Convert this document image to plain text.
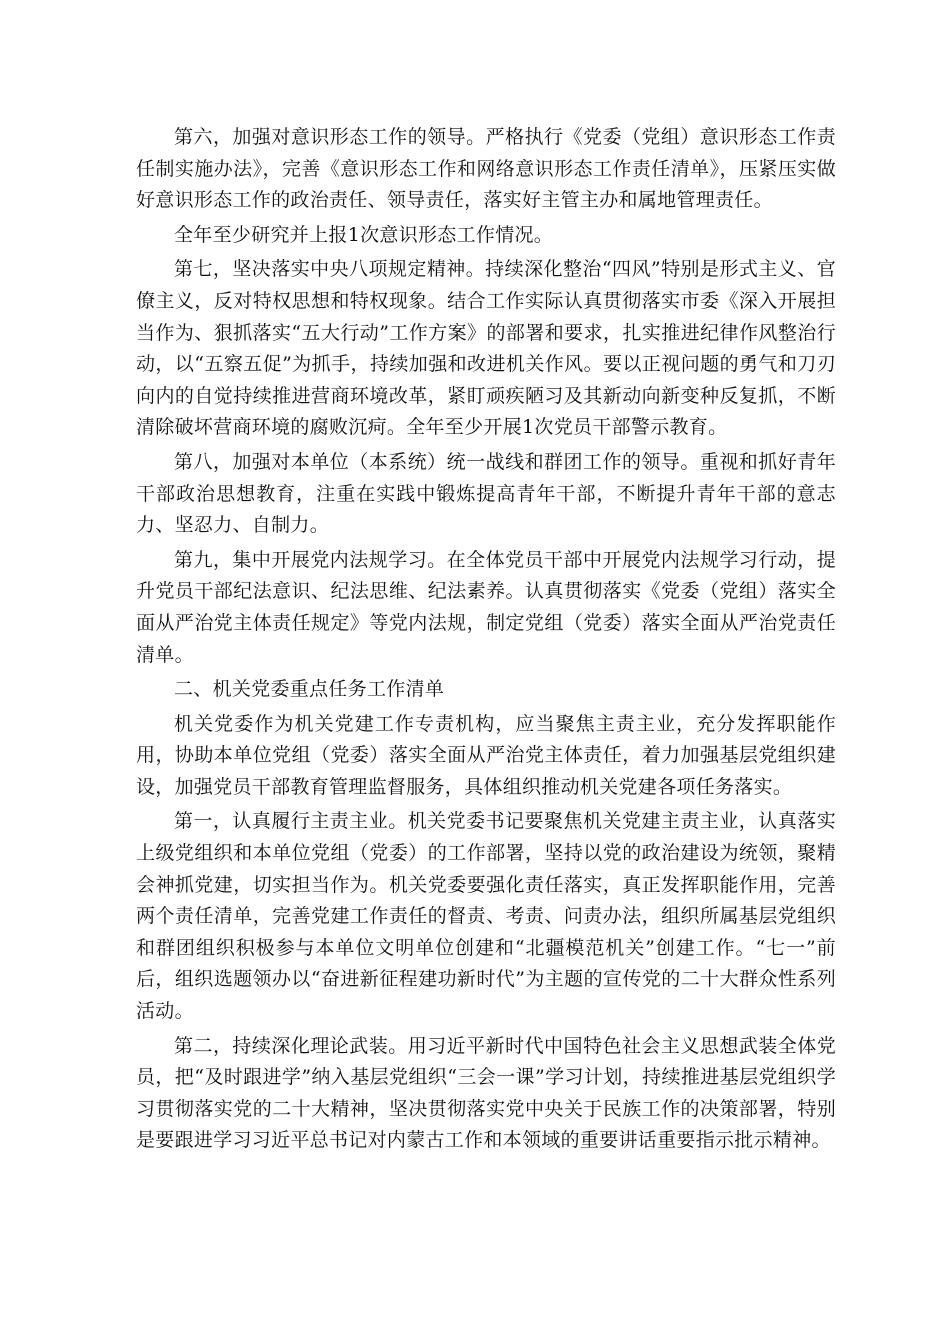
第六，加强对意识形态工作的领导。严格执行《党委（党组）意识形态工作责任制实施办法》，完善《意识形态工作和网络意识形态工作责任清单》，压紧压实做好意识形态工作的政治责任、领导责任，落实好主管主办和属地管理责任。

全年至少研究并上报1次意识形态工作情况。

第七，坚决落实中央八项规定精神。持续深化整治“四风”特别是形式主义、官僚主义，反对特权思想和特权现象。结合工作实际认真贯彻落实市委《深入开展担当作为、狠抓落实“五大行动”工作方案》的部署和要求，扎实推进纪律作风整治行动，以“五察五促”为抓手，持续加强和改进机关作风。要以正视问题的勇气和刀刃向内的自觉持续推进营商环境改革，紧盯顽疾陋习及其新动向新变种反复抓，不断清除破坏营商环境的腐败沉疴。全年至少开展1次党员干部警示教育。

第八，加强对本单位（本系统）统一战线和群团工作的领导。重视和抓好青年干部政治思想教育，注重在实践中锻炼提高青年干部，不断提升青年干部的意志力、坚忍力、自制力。

第九，集中开展党内法规学习。在全体党员干部中开展党内法规学习行动，提升党员干部纪法意识、纪法思维、纪法素养。认真贯彻落实《党委（党组）落实全面从严治党主体责任规定》等党内法规，制定党组（党委）落实全面从严治党责任清单。

二、机关党委重点任务工作清单

机关党委作为机关党建工作专责机构，应当聚焦主责主业，充分发挥职能作用，协助本单位党组（党委）落实全面从严治党主体责任，着力加强基层党组织建设，加强党员干部教育管理监督服务，具体组织推动机关党建各项任务落实。

第一，认真履行主责主业。机关党委书记要聚焦机关党建主责主业，认真落实上级党组织和本单位党组（党委）的工作部署，坚持以党的政治建设为统领，聚精会神抓党建，切实担当作为。机关党委要强化责任落实，真正发挥职能作用，完善两个责任清单，完善党建工作责任的督责、考责、问责办法，组织所属基层党组织和群团组织积极参与本单位文明单位创建和“北疆模范机关”创建工作。“七一”前后，组织选题领办以“奋进新征程建功新时代”为主题的宣传党的二十大群众性系列活动。

第二，持续深化理论武装。用习近平新时代中国特色社会主义思想武装全体党员，把“及时跟进学”纳入基层党组织“三会一课”学习计划，持续推进基层党组织学习贯彻落实党的二十大精神，坚决贯彻落实党中央关于民族工作的决策部署，特别是要跟进学习习近平总书记对内蒙古工作和本领域的重要讲话重要指示批示精神。
